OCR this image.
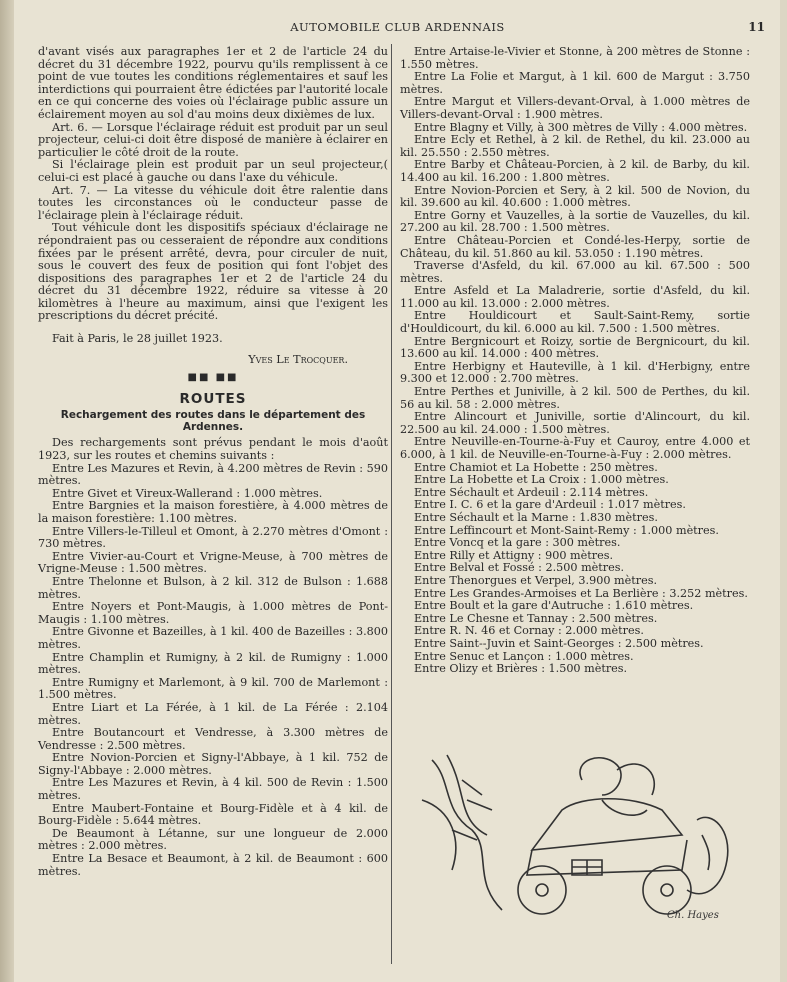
AUTOMOBILE CLUB ARDENNAIS	11

d'avant visés aux paragraphes 1er et 2 de l'article 24 du décret du 31 décembre 1922, pourvu qu'ils remplissent à ce point de vue toutes les conditions réglementaires et sauf les interdictions qui pourraient être édictées par l'autorité locale en ce qui concerne des voies où l'éclairage public assure un éclairement moyen au sol d'au moins deux dixièmes de lux.

Art. 6. — Lorsque l'éclairage réduit est produit par un seul projecteur, celui-ci doit être disposé de manière à éclairer en particulier le côté droit de la route.

Si l'éclairage plein est produit par un seul projecteur,( celui-ci est placé à gauche ou dans l'axe du véhicule.

Art. 7. — La vitesse du véhicule doit être ralentie dans toutes les circonstances où le conducteur passe de l'éclairage plein à l'éclairage réduit.

Tout véhicule dont les dispositifs spéciaux d'éclairage ne répondraient pas ou cesseraient de répondre aux conditions fixées par le présent arrêté, devra, pour circuler de nuit, sous le couvert des feux de position qui font l'objet des dispositions des paragraphes 1er et 2 de l'article 24 du décret du 31 décembre 1922, réduire sa vitesse à 20 kilomètres à l'heure au maximum, ainsi que l'exigent les prescriptions du décret précité.

Fait à Paris, le 28 juillet 1923.

Yves Le Trocquer.

■■ ■■
ROUTES
Rechargement des routes dans le département des Ardennes.

Des rechargements sont prévus pendant le mois d'août 1923, sur les routes et chemins suivants :

Entre Les Mazures et Revin, à 4.200 mètres de Revin : 590 mètres.

Entre Givet et Vireux-Wallerand : 1.000 mètres.

Entre Bargnies et la maison forestière, à 4.000 mètres de la maison forestière: 1.100 mètres.

Entre Villers-le-Tilleul et Omont, à 2.270 mètres d'Omont : 730 mètres.

Entre Vivier-au-Court et Vrigne-Meuse, à 700 mètres de Vrigne-Meuse : 1.500 mètres.

Entre Thelonne et Bulson, à 2 kil. 312 de Bulson : 1.688 mètres.

Entre Noyers et Pont-Maugis, à 1.000 mètres de Pont-Maugis : 1.100 mètres.

Entre Givonne et Bazeilles, à 1 kil. 400 de Bazeilles : 3.800 mètres.

Entre Champlin et Rumigny, à 2 kil. de Rumigny : 1.000 mètres.

Entre Rumigny et Marlemont, à 9 kil. 700 de Marlemont : 1.500 mètres.

Entre Liart et La Férée, à 1 kil. de La Férée : 2.104 mètres.

Entre Boutancourt et Vendresse, à 3.300 mètres de Vendresse : 2.500 mètres.

Entre Novion-Porcien et Signy-l'Abbaye, à 1 kil. 752 de Signy-l'Abbaye : 2.000 mètres.

Entre Les Mazures et Revin, à 4 kil. 500 de Revin : 1.500 mètres.

Entre Maubert-Fontaine et Bourg-Fidèle et à 4 kil. de Bourg-Fidèle : 5.644 mètres.

De Beaumont à Létanne, sur une longueur de 2.000 mètres : 2.000 mètres.

Entre La Besace et Beaumont, à 2 kil. de Beaumont : 600 mètres.

Entre Artaise-le-Vivier et Stonne, à 200 mètres de Stonne : 1.550 mètres.

Entre La Folie et Margut, à 1 kil. 600 de Margut : 3.750 mètres.

Entre Margut et Villers-devant-Orval, à 1.000 mètres de Villers-devant-Orval : 1.900 mètres.

Entre Blagny et Villy, à 300 mètres de Villy : 4.000 mètres.

Entre Ecly et Rethel, à 2 kil. de Rethel, du kil. 23.000 au kil. 25.550 : 2.550 mètres.

Entre Barby et Château-Porcien, à 2 kil. de Barby, du kil. 14.400 au kil. 16.200 : 1.800 mètres.

Entre Novion-Porcien et Sery, à 2 kil. 500 de Novion, du kil. 39.600 au kil. 40.600 : 1.000 mètres.

Entre Gorny et Vauzelles, à la sortie de Vauzelles, du kil. 27.200 au kil. 28.700 : 1.500 mètres.

Entre Château-Porcien et Condé-les-Herpy, sortie de Château, du kil. 51.860 au kil. 53.050 : 1.190 mètres.

Traverse d'Asfeld, du kil. 67.000 au kil. 67.500 : 500 mètres.

Entre Asfeld et La Maladrerie, sortie d'Asfeld, du kil. 11.000 au kil. 13.000 : 2.000 mètres.

Entre Houldicourt et Sault-Saint-Remy, sortie d'Houldicourt, du kil. 6.000 au kil. 7.500 : 1.500 mètres.

Entre Bergnicourt et Roizy, sortie de Bergnicourt, du kil. 13.600 au kil. 14.000 : 400 mètres.

Entre Herbigny et Hauteville, à 1 kil. d'Herbigny, entre 9.300 et 12.000 : 2.700 mètres.

Entre Perthes et Juniville, à 2 kil. 500 de Perthes, du kil. 56 au kil. 58 : 2.000 mètres.

Entre Alincourt et Juniville, sortie d'Alincourt, du kil. 22.500 au kil. 24.000 : 1.500 mètres.

Entre Neuville-en-Tourne-à-Fuy et Cauroy, entre 4.000 et 6.000, à 1 kil. de Neuville-en-Tourne-à-Fuy : 2.000 mètres.

Entre Chamiot et La Hobette : 250 mètres.

Entre La Hobette et La Croix : 1.000 mètres.

Entre Séchault et Ardeuil : 2.114 mètres.

Entre I. C. 6 et la gare d'Ardeuil : 1.017 mètres.

Entre Séchault et la Marne : 1.830 mètres.

Entre Leffincourt et Mont-Saint-Remy : 1.000 mètres.

Entre Voncq et la gare : 300 mètres.

Entre Rilly et Attigny : 900 mètres.

Entre Belval et Fossé : 2.500 mètres.

Entre Thenorgues et Verpel, 3.900 mètres.

Entre Les Grandes-Armoises et La Berlière : 3.252 mètres.

Entre Boult et la gare d'Autruche : 1.610 mètres.

Entre Le Chesne et Tannay : 2.500 mètres.

Entre R. N. 46 et Cornay : 2.000 mètres.

Entre Saint--Juvin et Saint-Georges : 2.500 mètres.

Entre Senuc et Lançon : 1.000 mètres.

Entre Olizy et Brières : 1.500 mètres.

Ch. Hayes
